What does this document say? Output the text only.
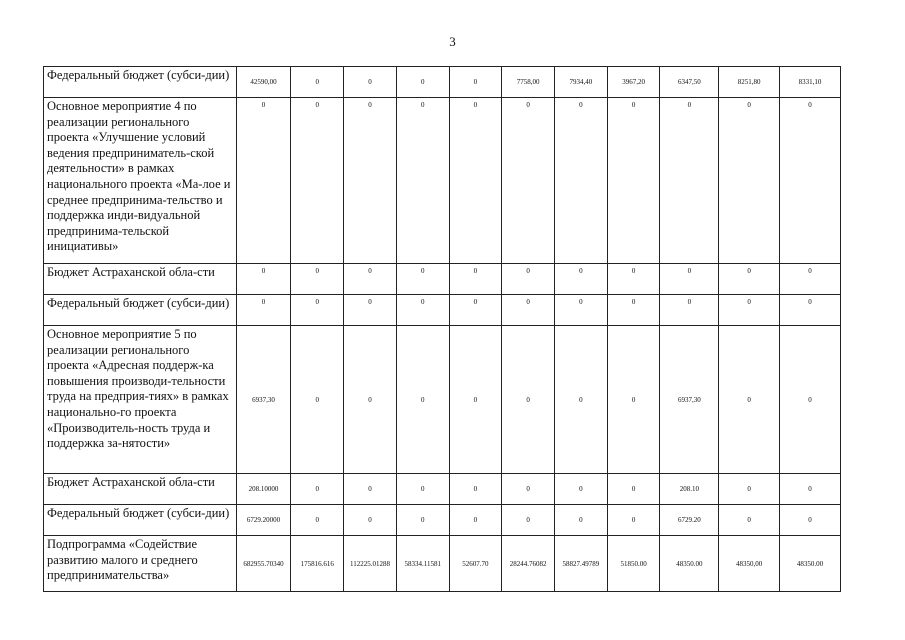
3
Федеральный бюджет (субси-дии)	42590,00	0	0	0	0	7758,00	7934,40	3967,20	6347,50	8251,80	8331,10
Основное мероприятие 4 по реализации регионального проекта «Улучшение условий ведения предприниматель-ской деятельности» в рамках национального проекта «Ма-лое и среднее предпринима-тельство и поддержка инди-видуальной предпринима-тельской инициативы»	0	0	0	0	0	0	0	0	0	0	0
Бюджет Астраханской обла-сти	0	0	0	0	0	0	0	0	0	0	0
Федеральный бюджет (субси-дии)	0	0	0	0	0	0	0	0	0	0	0
Основное мероприятие 5 по реализации регионального проекта «Адресная поддерж-ка повышения производи-тельности труда на предприя-тиях» в рамках национально-го проекта «Производитель-ность труда и поддержка за-нятости»	6937,30	0	0	0	0	0	0	0	6937,30	0	0
Бюджет Астраханской обла-сти	208.10000	0	0	0	0	0	0	0	208.10	0	0
Федеральный бюджет (субси-дии)	6729.20000	0	0	0	0	0	0	0	6729.20	0	0
Подпрограмма «Содействие развитию малого и среднего предпринимательства»	682955.70340	175816.616	112225.01288	58334.11581	52607.70	28244.76082	58827.49789	51850.00	48350.00	48350,00	48350.00
